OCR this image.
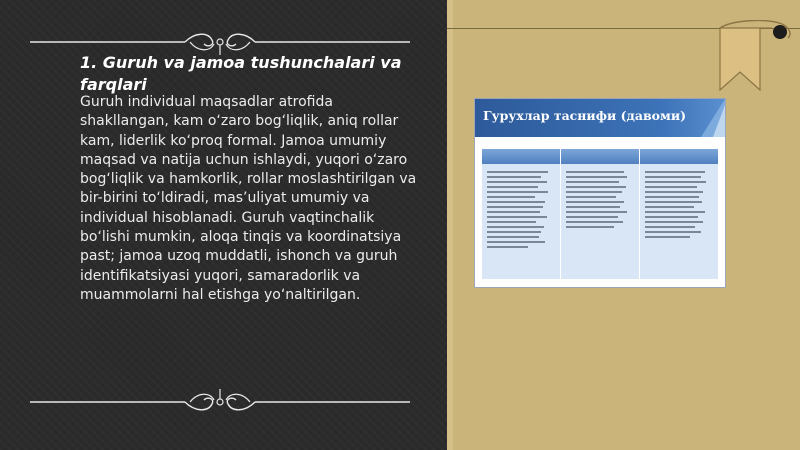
1. Guruh va jamoa tushunchalari va farqlari

Guruh individual maqsadlar atrofida shakllangan, kam o‘zaro bog‘liqlik, aniq rollar kam, liderlik ko‘proq formal. Jamoa umumiy maqsad va natija uchun ishlaydi, yuqori o‘zaro bog‘liqlik va hamkorlik, rollar moslashtirilgan va bir-birini to‘ldiradi, mas’uliyat umumiy va individual hisoblanadi. Guruh vaqtinchalik bo‘lishi mumkin, aloqa tinqis va koordinatsiya past; jamoa uzoq muddatli, ishonch va guruh identifikatsiyasi yuqori, samaradorlik va muammolarni hal etishga yo‘naltirilgan.

Гурухлар таснифи (давоми)
